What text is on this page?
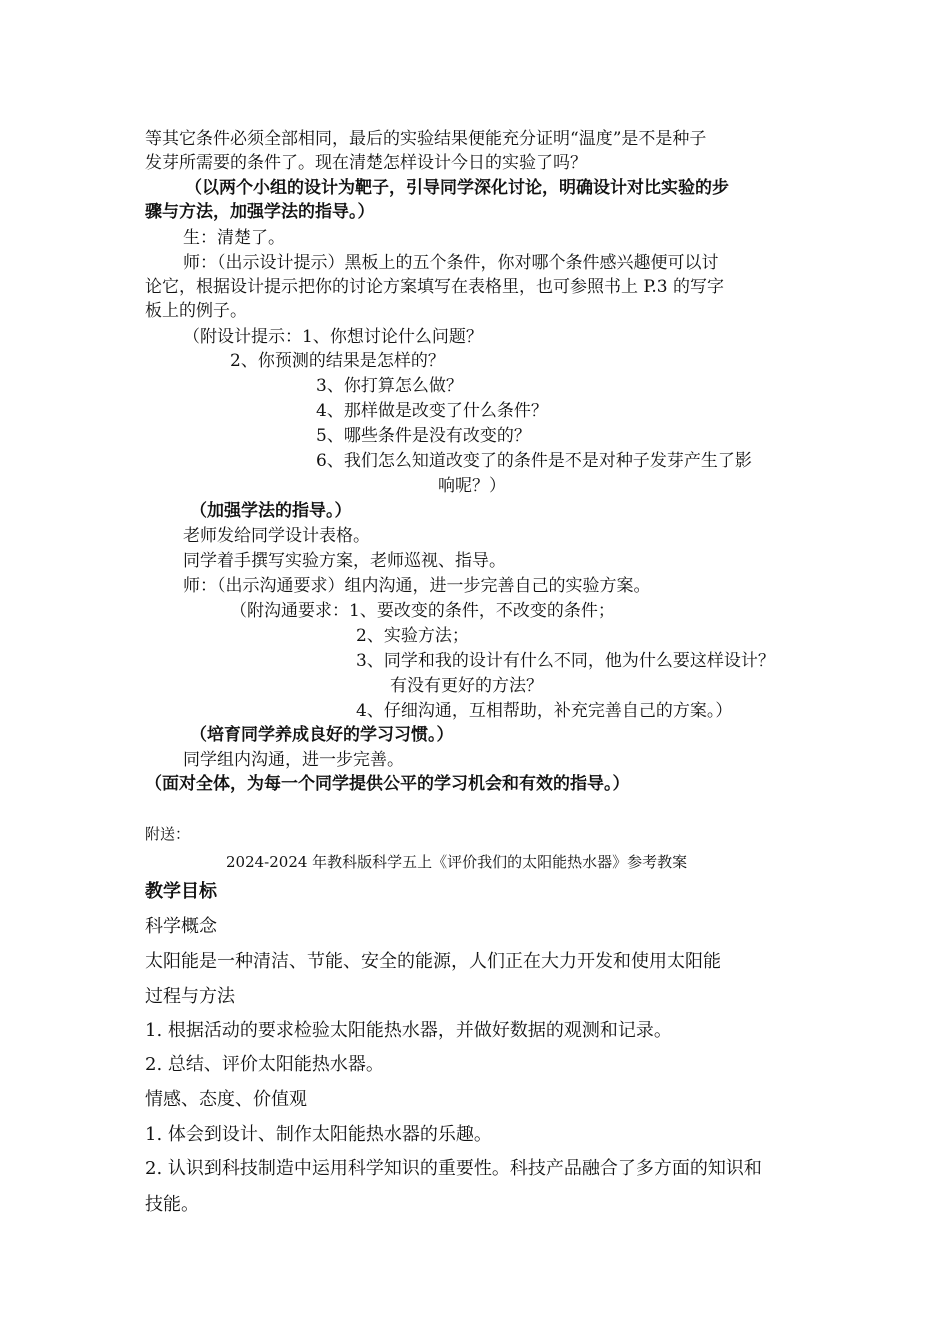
等其它条件必须全部相同，最后的实验结果便能充分证明“温度”是不是种子
发芽所需要的条件了。现在清楚怎样设计今日的实验了吗？
（以两个小组的设计为靶子，引导同学深化讨论，明确设计对比实验的步
骤与方法，加强学法的指导。）
生：清楚了。
师：（出示设计提示）黑板上的五个条件，你对哪个条件感兴趣便可以讨
论它，根据设计提示把你的讨论方案填写在表格里，也可参照书上 P.3 的写字
板上的例子。
（附设计提示：1、你想讨论什么问题？
2、你预测的结果是怎样的？
3、你打算怎么做？
4、那样做是改变了什么条件？
5、哪些条件是没有改变的？
6、我们怎么知道改变了的条件是不是对种子发芽产生了影
响呢？）
（加强学法的指导。）
老师发给同学设计表格。
同学着手撰写实验方案，老师巡视、指导。
师：（出示沟通要求）组内沟通，进一步完善自己的实验方案。
（附沟通要求：1、要改变的条件，不改变的条件；
2、实验方法；
3、同学和我的设计有什么不同，他为什么要这样设计？
有没有更好的方法？
4、仔细沟通，互相帮助，补充完善自己的方案。）
（培育同学养成良好的学习习惯。）
同学组内沟通，进一步完善。
（面对全体，为每一个同学提供公平的学习机会和有效的指导。）
附送：
2024-2024 年教科版科学五上《评价我们的太阳能热水器》参考教案
教学目标
科学概念
太阳能是一种清洁、节能、安全的能源，人们正在大力开发和使用太阳能
过程与方法
1. 根据活动的要求检验太阳能热水器，并做好数据的观测和记录。
2. 总结、评价太阳能热水器。
情感、态度、价值观
1. 体会到设计、制作太阳能热水器的乐趣。
2. 认识到科技制造中运用科学知识的重要性。科技产品融合了多方面的知识和
技能。
